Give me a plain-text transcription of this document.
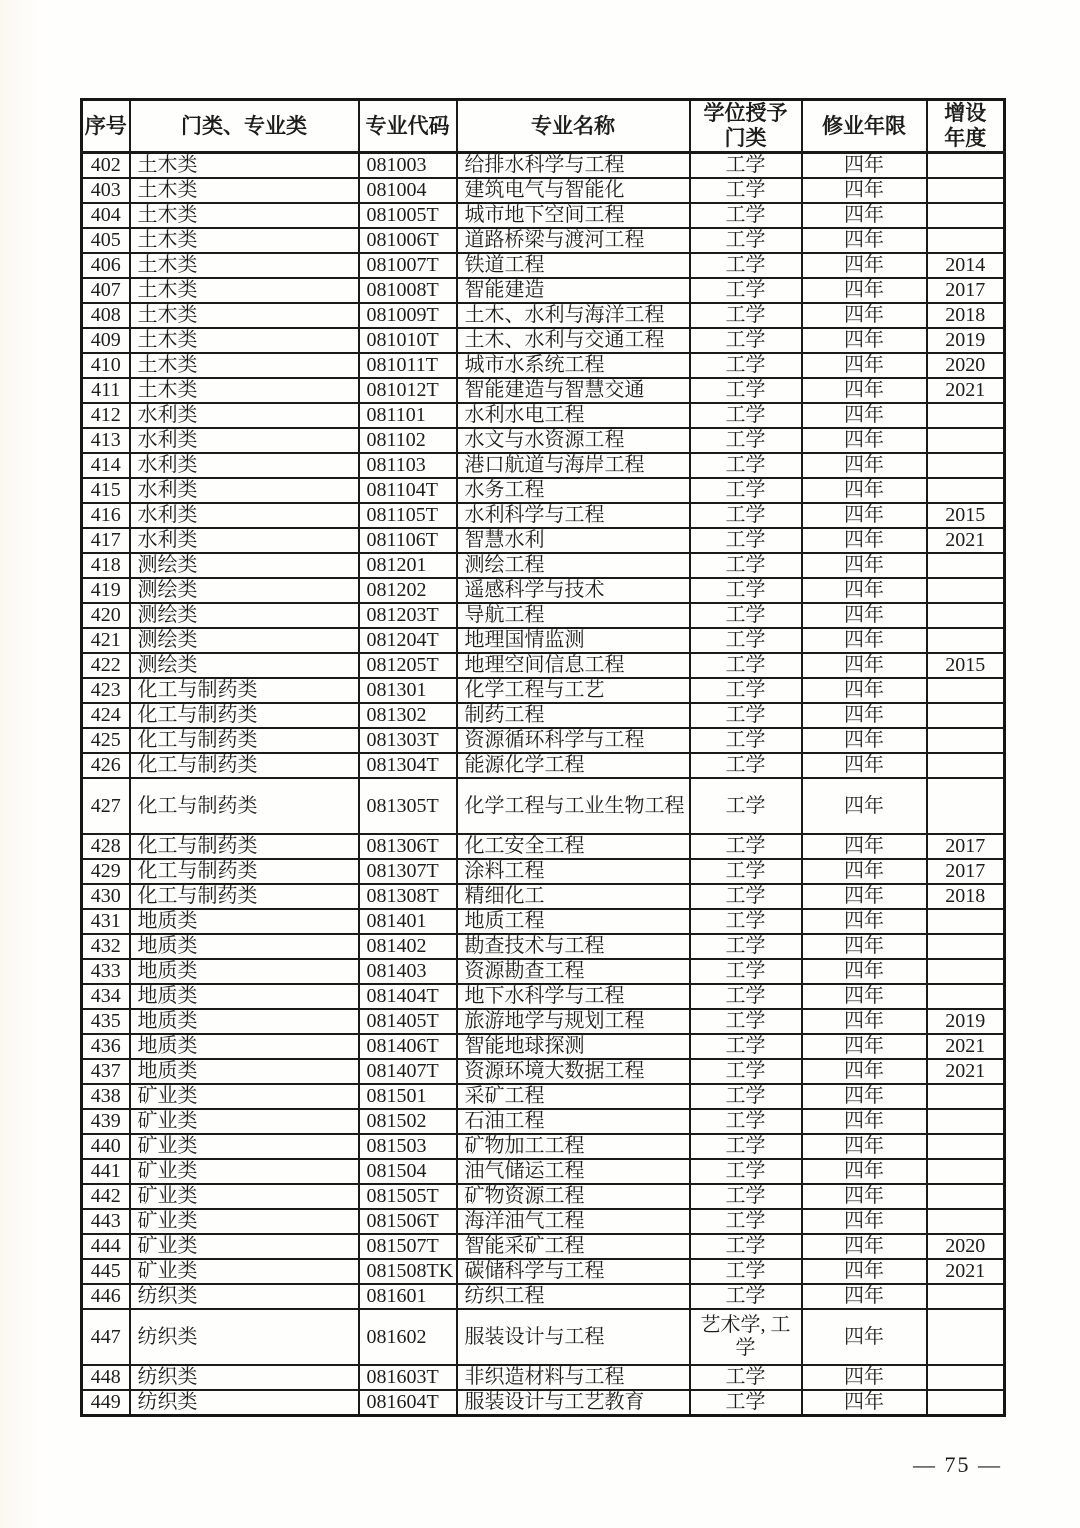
序号	门类、专业类	专业代码	专业名称	学位授予门类	修业年限	增设年度
402	土木类	081003	给排水科学与工程	工学	四年	
403	土木类	081004	建筑电气与智能化	工学	四年	
404	土木类	081005T	城市地下空间工程	工学	四年	
405	土木类	081006T	道路桥梁与渡河工程	工学	四年	
406	土木类	081007T	铁道工程	工学	四年	2014
407	土木类	081008T	智能建造	工学	四年	2017
408	土木类	081009T	土木、水利与海洋工程	工学	四年	2018
409	土木类	081010T	土木、水利与交通工程	工学	四年	2019
410	土木类	081011T	城市水系统工程	工学	四年	2020
411	土木类	081012T	智能建造与智慧交通	工学	四年	2021
412	水利类	081101	水利水电工程	工学	四年	
413	水利类	081102	水文与水资源工程	工学	四年	
414	水利类	081103	港口航道与海岸工程	工学	四年	
415	水利类	081104T	水务工程	工学	四年	
416	水利类	081105T	水利科学与工程	工学	四年	2015
417	水利类	081106T	智慧水利	工学	四年	2021
418	测绘类	081201	测绘工程	工学	四年	
419	测绘类	081202	遥感科学与技术	工学	四年	
420	测绘类	081203T	导航工程	工学	四年	
421	测绘类	081204T	地理国情监测	工学	四年	
422	测绘类	081205T	地理空间信息工程	工学	四年	2015
423	化工与制药类	081301	化学工程与工艺	工学	四年	
424	化工与制药类	081302	制药工程	工学	四年	
425	化工与制药类	081303T	资源循环科学与工程	工学	四年	
426	化工与制药类	081304T	能源化学工程	工学	四年	
427	化工与制药类	081305T	化学工程与工业生物工程	工学	四年	
428	化工与制药类	081306T	化工安全工程	工学	四年	2017
429	化工与制药类	081307T	涂料工程	工学	四年	2017
430	化工与制药类	081308T	精细化工	工学	四年	2018
431	地质类	081401	地质工程	工学	四年	
432	地质类	081402	勘查技术与工程	工学	四年	
433	地质类	081403	资源勘查工程	工学	四年	
434	地质类	081404T	地下水科学与工程	工学	四年	
435	地质类	081405T	旅游地学与规划工程	工学	四年	2019
436	地质类	081406T	智能地球探测	工学	四年	2021
437	地质类	081407T	资源环境大数据工程	工学	四年	2021
438	矿业类	081501	采矿工程	工学	四年	
439	矿业类	081502	石油工程	工学	四年	
440	矿业类	081503	矿物加工工程	工学	四年	
441	矿业类	081504	油气储运工程	工学	四年	
442	矿业类	081505T	矿物资源工程	工学	四年	
443	矿业类	081506T	海洋油气工程	工学	四年	
444	矿业类	081507T	智能采矿工程	工学	四年	2020
445	矿业类	081508TK	碳储科学与工程	工学	四年	2021
446	纺织类	081601	纺织工程	工学	四年	
447	纺织类	081602	服装设计与工程	艺术学, 工学	四年	
448	纺织类	081603T	非织造材料与工程	工学	四年	
449	纺织类	081604T	服装设计与工艺教育	工学	四年	
— 75 —
